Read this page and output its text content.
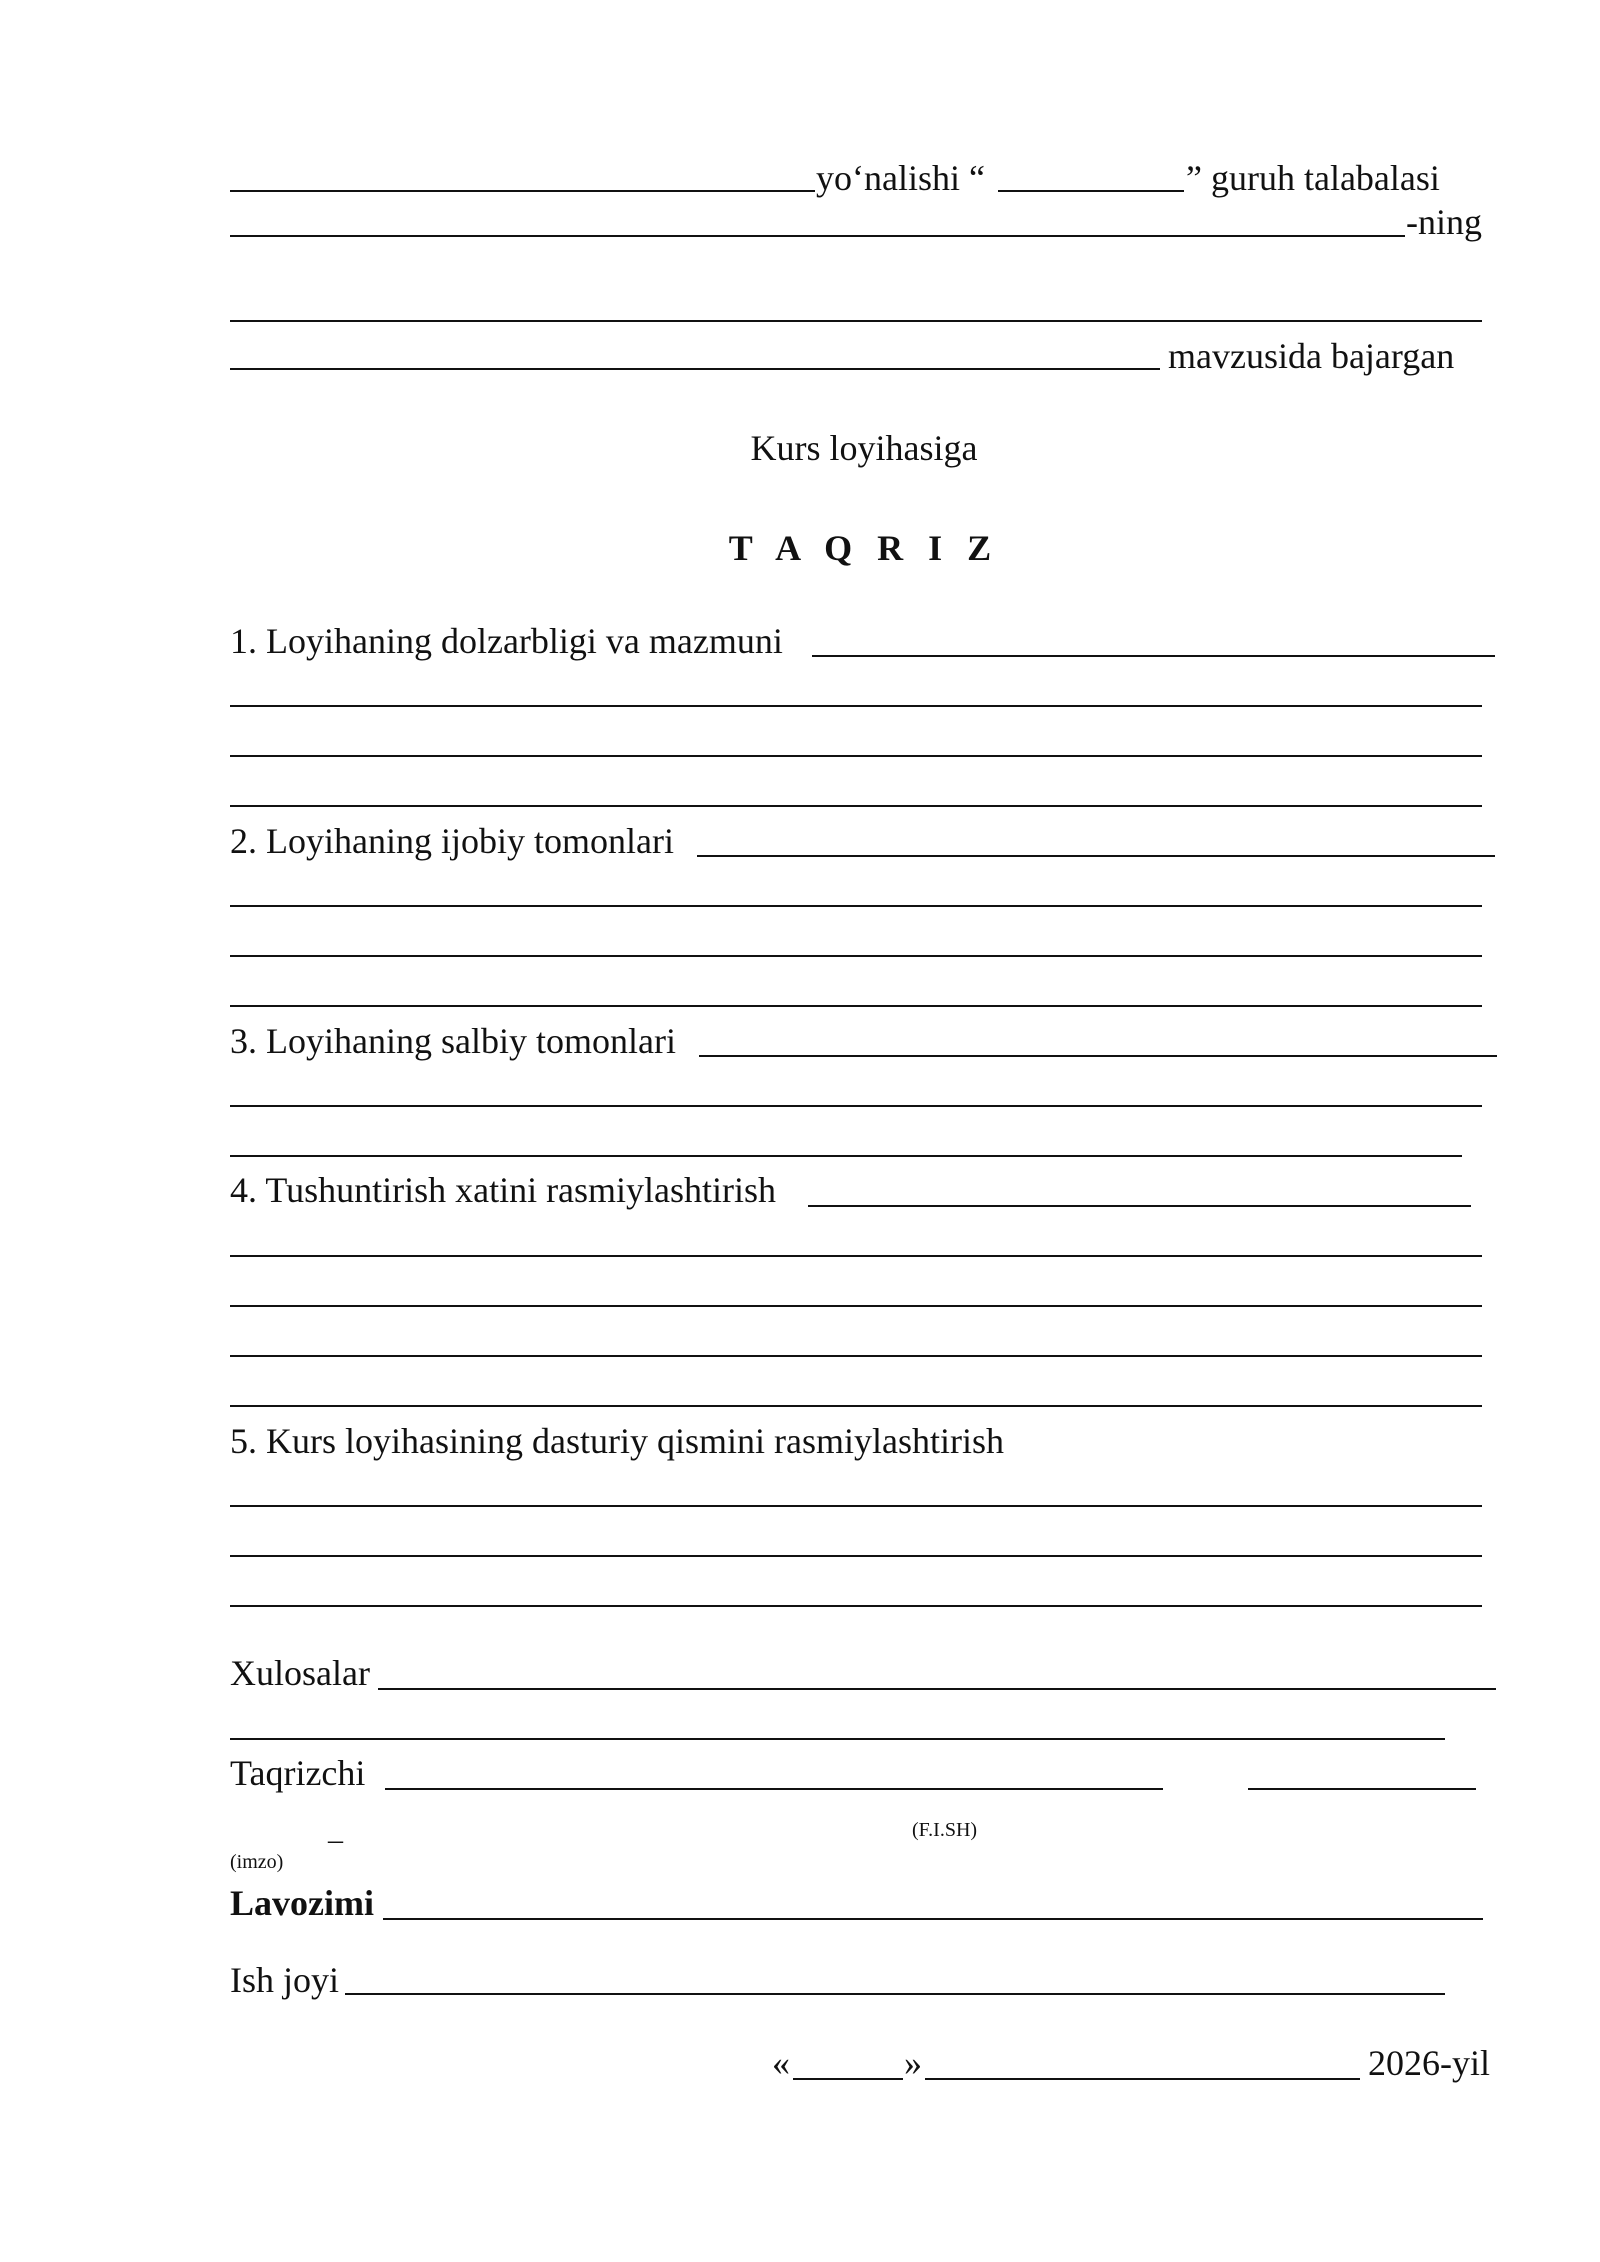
yo‘nalishi “	” guruh talabalasi
-ning
mavzusida bajargan
Kurs loyihasiga
T A Q R I Z
1. Loyihaning dolzarbligi va mazmuni
2. Loyihaning ijobiy tomonlari
3. Loyihaning salbiy tomonlari
4. Tushuntirish xatini rasmiylashtirish
5. Kurs loyihasining dasturiy qismini rasmiylashtirish
Xulosalar
Taqrizchi
_	(F.I.SH)
(imzo)
Lavozimi
Ish joyi
«	»	2026-yil
